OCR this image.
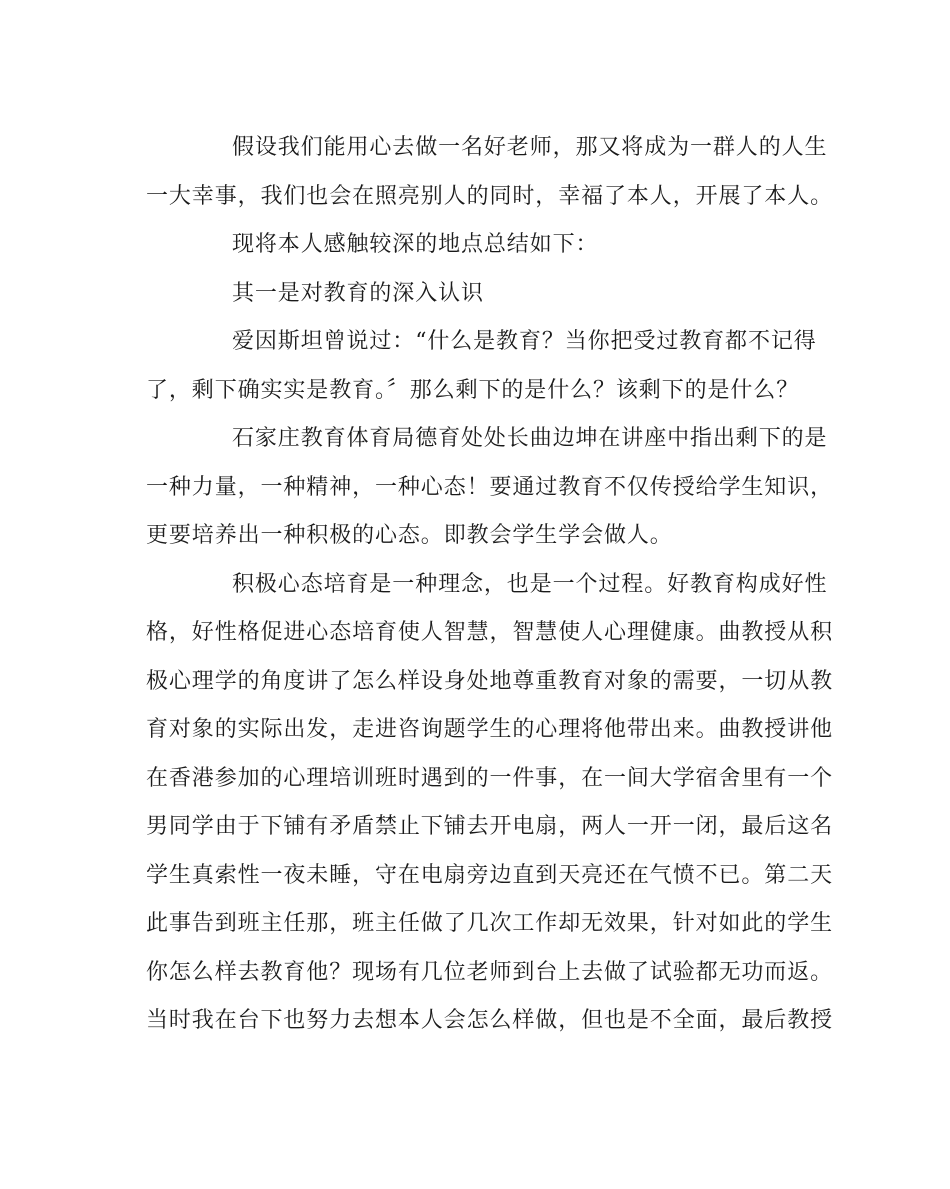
假设我们能用心去做一名好老师，那又将成为一群人的人生
一大幸事，我们也会在照亮别人的同时，幸福了本人，开展了本人。
现将本人感触较深的地点总结如下：
其一是对教育的深入认识
爱因斯坦曾说过：“什么是教育？当你把受过教育都不记得
了，剩下确实实是教育。〞那么剩下的是什么？该剩下的是什么？
石家庄教育体育局德育处处长曲边坤在讲座中指出剩下的是
一种力量，一种精神，一种心态！要通过教育不仅传授给学生知识，
更要培养出一种积极的心态。即教会学生学会做人。
积极心态培育是一种理念，也是一个过程。好教育构成好性
格，好性格促进心态培育使人智慧，智慧使人心理健康。曲教授从积
极心理学的角度讲了怎么样设身处地尊重教育对象的需要，一切从教
育对象的实际出发，走进咨询题学生的心理将他带出来。曲教授讲他
在香港参加的心理培训班时遇到的一件事，在一间大学宿舍里有一个
男同学由于下铺有矛盾禁止下铺去开电扇，两人一开一闭，最后这名
学生真索性一夜未睡，守在电扇旁边直到天亮还在气愤不已。第二天
此事告到班主任那，班主任做了几次工作却无效果，针对如此的学生
你怎么样去教育他？现场有几位老师到台上去做了试验都无功而返。
当时我在台下也努力去想本人会怎么样做，但也是不全面，最后教授
